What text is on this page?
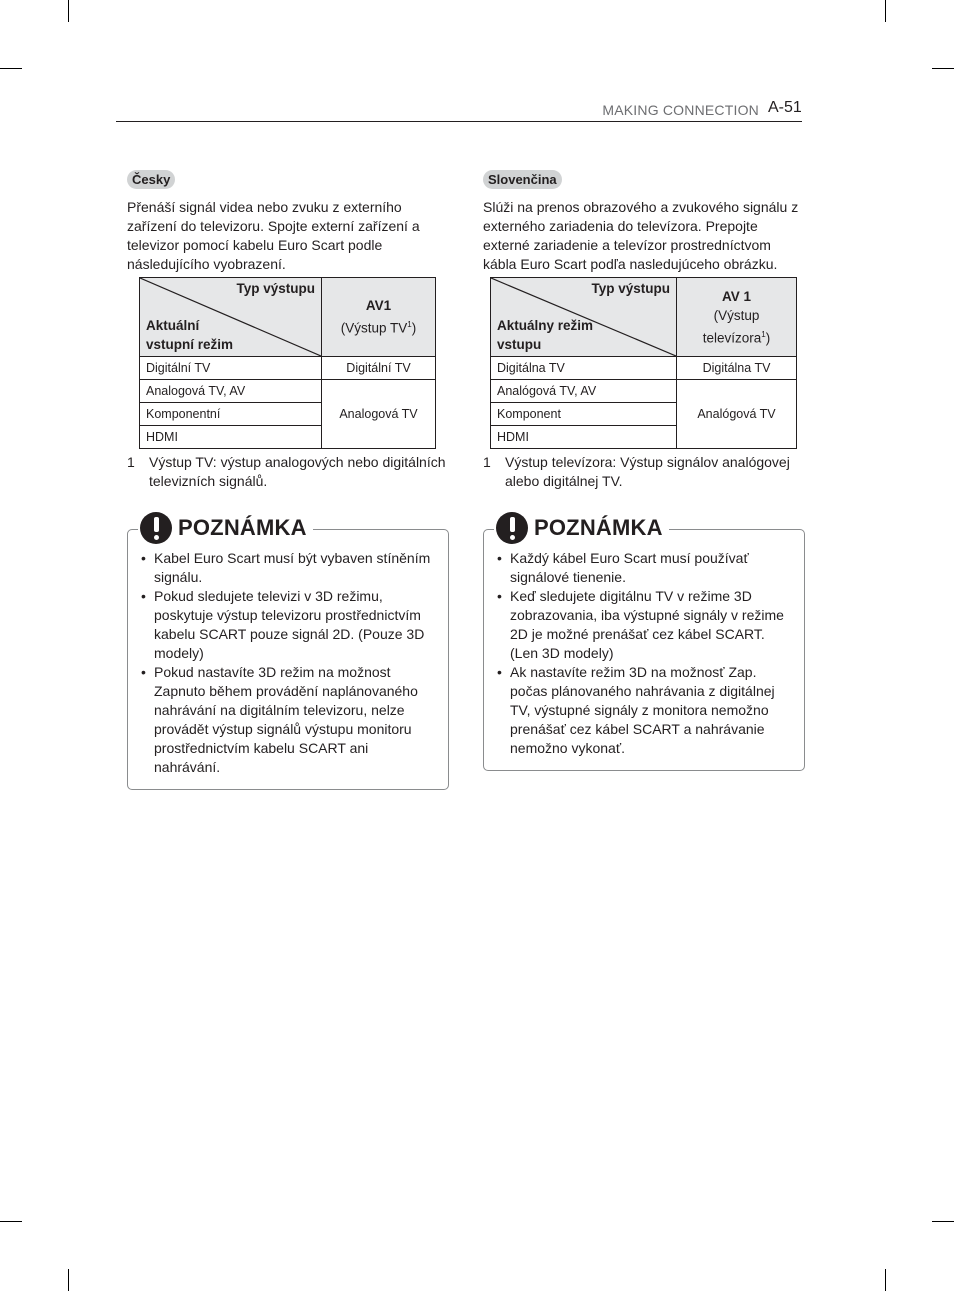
MAKING CONNECTION A-51
Česky
Přenáší signál videa nebo zvuku z externího zařízení do televizoru. Spojte externí zařízení a televizor pomocí kabelu Euro Scart podle následujícího vyobrazení.
Typ výstupu
Aktuální vstupní režim	AV1
(Výstup $TV^1$)
Digitální TV	Digitální TV
Analogová TV, AV	Analogová TV
Komponentní	
HDMI	
1 Výstup TV: výstup analogových nebo digitálních televizních signálů.
POZNÁMKA
• Kabel Euro Scart musí být vybaven stíněním signálu.
• Pokud sledujete televizi v 3D režimu, poskytuje výstup televizoru prostřednictvím kabelu SCART pouze signál 2D. (Pouze 3D modely)
• Pokud nastavíte 3D režim na možnost Zapnuto během provádění naplánovaného nahrávání na digitálním televizoru, nelze provádět výstup signálů výstupu monitoru prostřednictvím kabelu SCART ani nahrávání.
Slovenčina
Slúži na prenos obrazového a zvukového signálu z externého zariadenia do televízora. Prepojte externé zariadenie a televízor prostredníctvom kábla Euro Scart podľa nasledujúceho obrázku.
Typ výstupu
Aktuálny režim vstupu	AV 1
(Výstup televízora$^1$)
Digitálna TV	Digitálna TV
Analógová TV, AV	Analógová TV
Komponent	
HDMI	
1 Výstup televízora: Výstup signálov analógovej alebo digitálnej TV.
POZNÁMKA
• Každý kábel Euro Scart musí používať signálové tienenie.
• Keď sledujete digitálnu TV v režime 3D zobrazovania, iba výstupné signály v režime 2D je možné prenášať cez kábel SCART. (Len 3D modely)
• Ak nastavíte režim 3D na možnosť Zap. počas plánovaného nahrávania z digitálnej TV, výstupné signály z monitora nemožno prenášať cez kábel SCART a nahrávanie nemožno vykonať.
